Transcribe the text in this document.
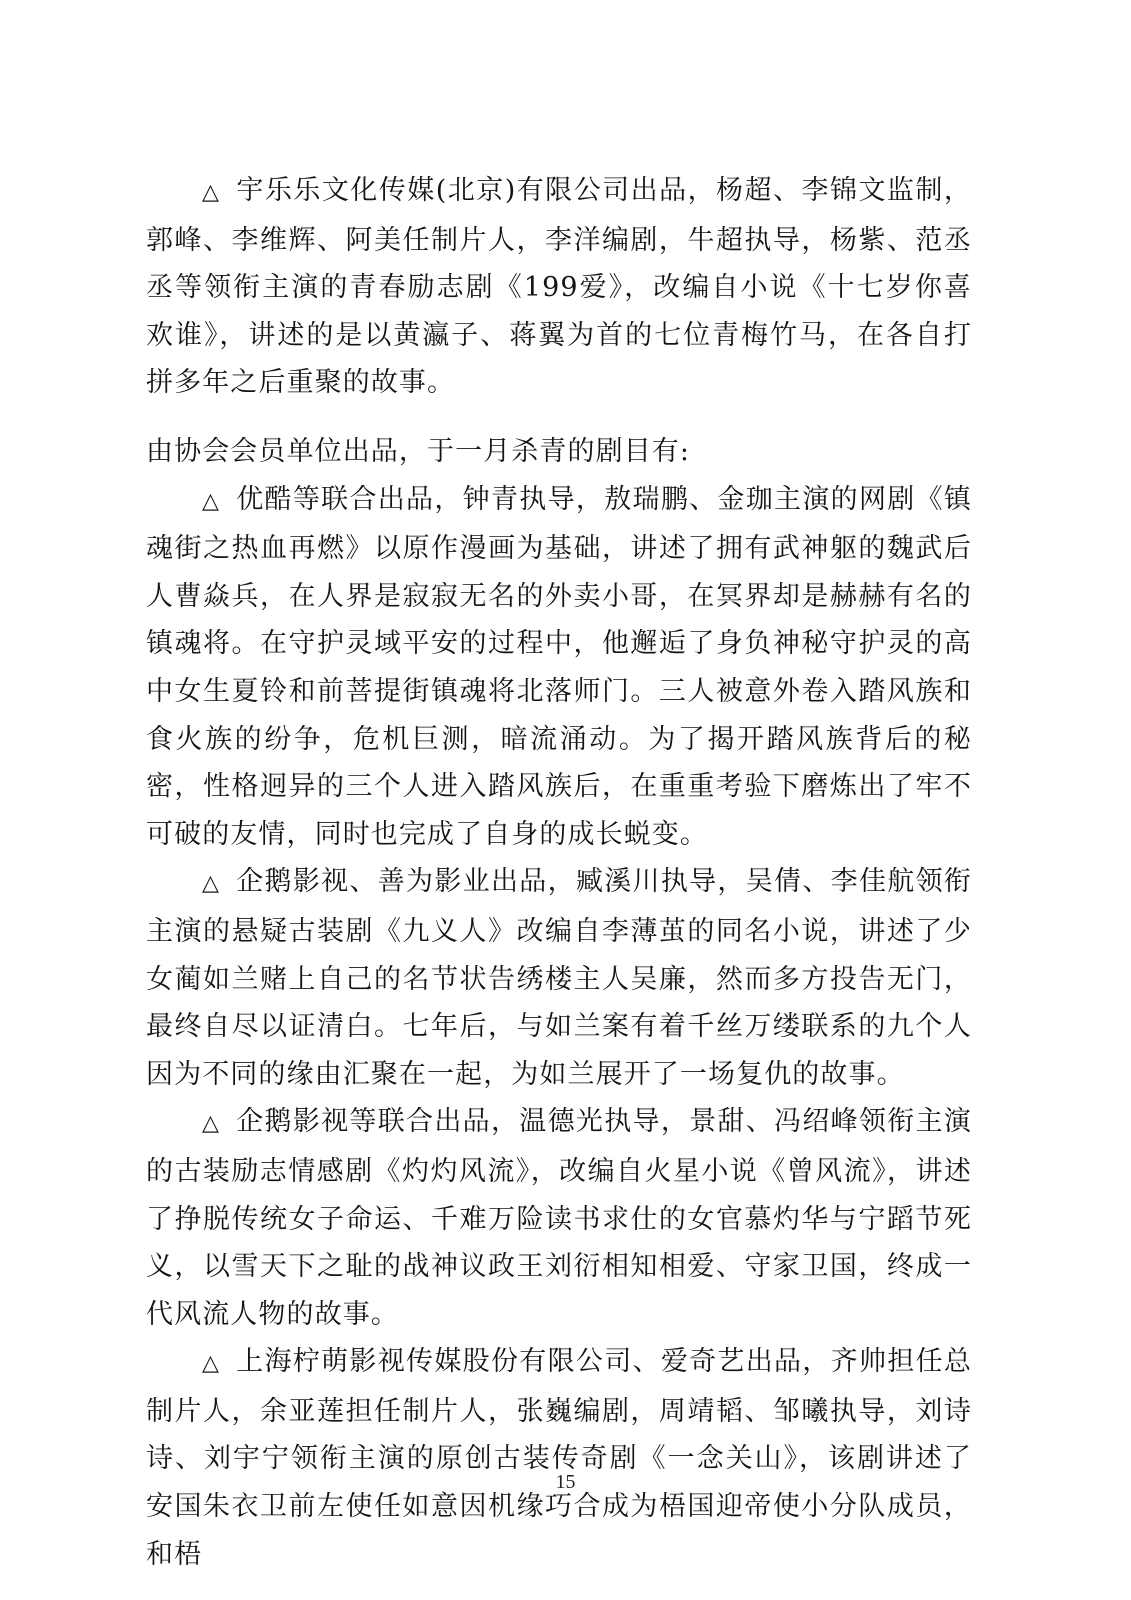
△ 宇乐乐文化传媒(北京)有限公司出品，杨超、李锦文监制，郭峰、李维辉、阿美任制片人，李洋编剧，牛超执导，杨紫、范丞丞等领衔主演的青春励志剧《199爱》，改编自小说《十七岁你喜欢谁》，讲述的是以黄瀛子、蒋翼为首的七位青梅竹马，在各自打拼多年之后重聚的故事。

由协会会员单位出品，于一月杀青的剧目有:

△ 优酷等联合出品，钟青执导，敖瑞鹏、金珈主演的网剧《镇魂街之热血再燃》以原作漫画为基础，讲述了拥有武神躯的魏武后人曹焱兵，在人界是寂寂无名的外卖小哥，在冥界却是赫赫有名的镇魂将。在守护灵域平安的过程中，他邂逅了身负神秘守护灵的高中女生夏铃和前菩提街镇魂将北落师门。三人被意外卷入踏风族和食火族的纷争，危机巨测，暗流涌动。为了揭开踏风族背后的秘密，性格迥异的三个人进入踏风族后，在重重考验下磨炼出了牢不可破的友情，同时也完成了自身的成长蜕变。

△ 企鹅影视、善为影业出品，臧溪川执导，吴倩、李佳航领衔主演的悬疑古装剧《九义人》改编自李薄茧的同名小说，讲述了少女蔺如兰赌上自己的名节状告绣楼主人吴廉，然而多方投告无门，最终自尽以证清白。七年后，与如兰案有着千丝万缕联系的九个人因为不同的缘由汇聚在一起，为如兰展开了一场复仇的故事。

△ 企鹅影视等联合出品，温德光执导，景甜、冯绍峰领衔主演的古装励志情感剧《灼灼风流》，改编自火星小说《曾风流》，讲述了挣脱传统女子命运、千难万险读书求仕的女官慕灼华与宁蹈节死义，以雪天下之耻的战神议政王刘衍相知相爱、守家卫国，终成一代风流人物的故事。

△ 上海柠萌影视传媒股份有限公司、爱奇艺出品，齐帅担任总制片人，余亚莲担任制片人，张巍编剧，周靖韬、邹曦执导，刘诗诗、刘宇宁领衔主演的原创古装传奇剧《一念关山》，该剧讲述了安国朱衣卫前左使任如意因机缘巧合成为梧国迎帝使小分队成员，和梧

15
